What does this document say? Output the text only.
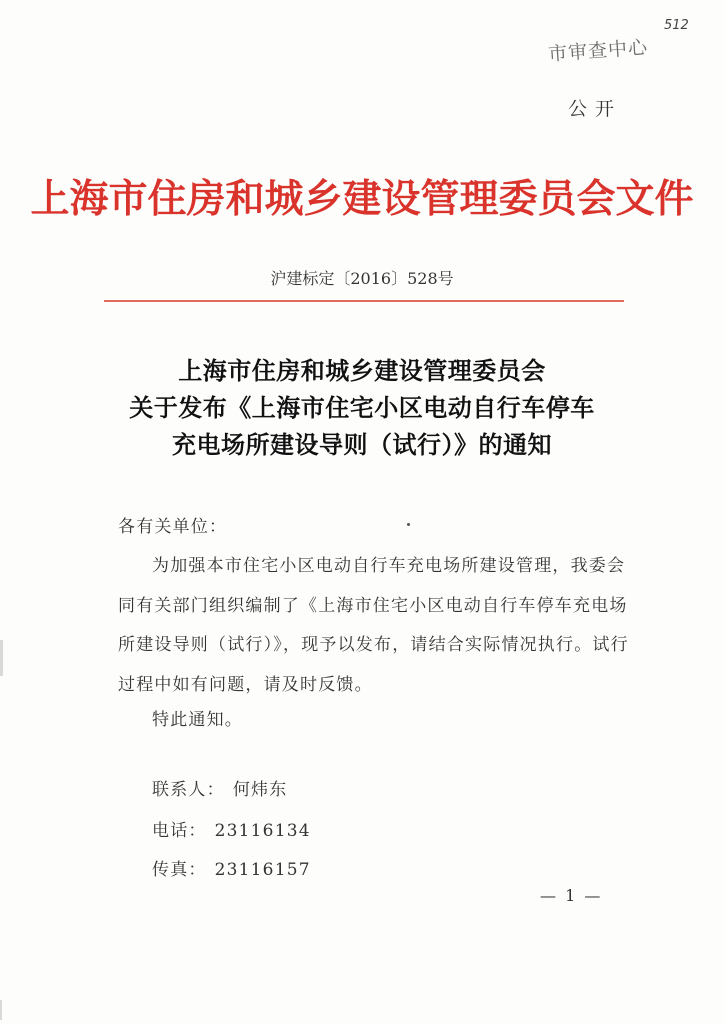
512
市审查中心
公开
上海市住房和城乡建设管理委员会文件
沪建标定〔2016〕528号
上海市住房和城乡建设管理委员会
关于发布《上海市住宅小区电动自行车停车
充电场所建设导则（试行）》的通知
各有关单位：
为加强本市住宅小区电动自行车充电场所建设管理，我委会同有关部门组织编制了《上海市住宅小区电动自行车停车充电场所建设导则（试行）》，现予以发布，请结合实际情况执行。试行过程中如有问题，请及时反馈。
特此通知。
联系人： 何炜东
电话： 23116134
传真： 23116157
— 1 —
